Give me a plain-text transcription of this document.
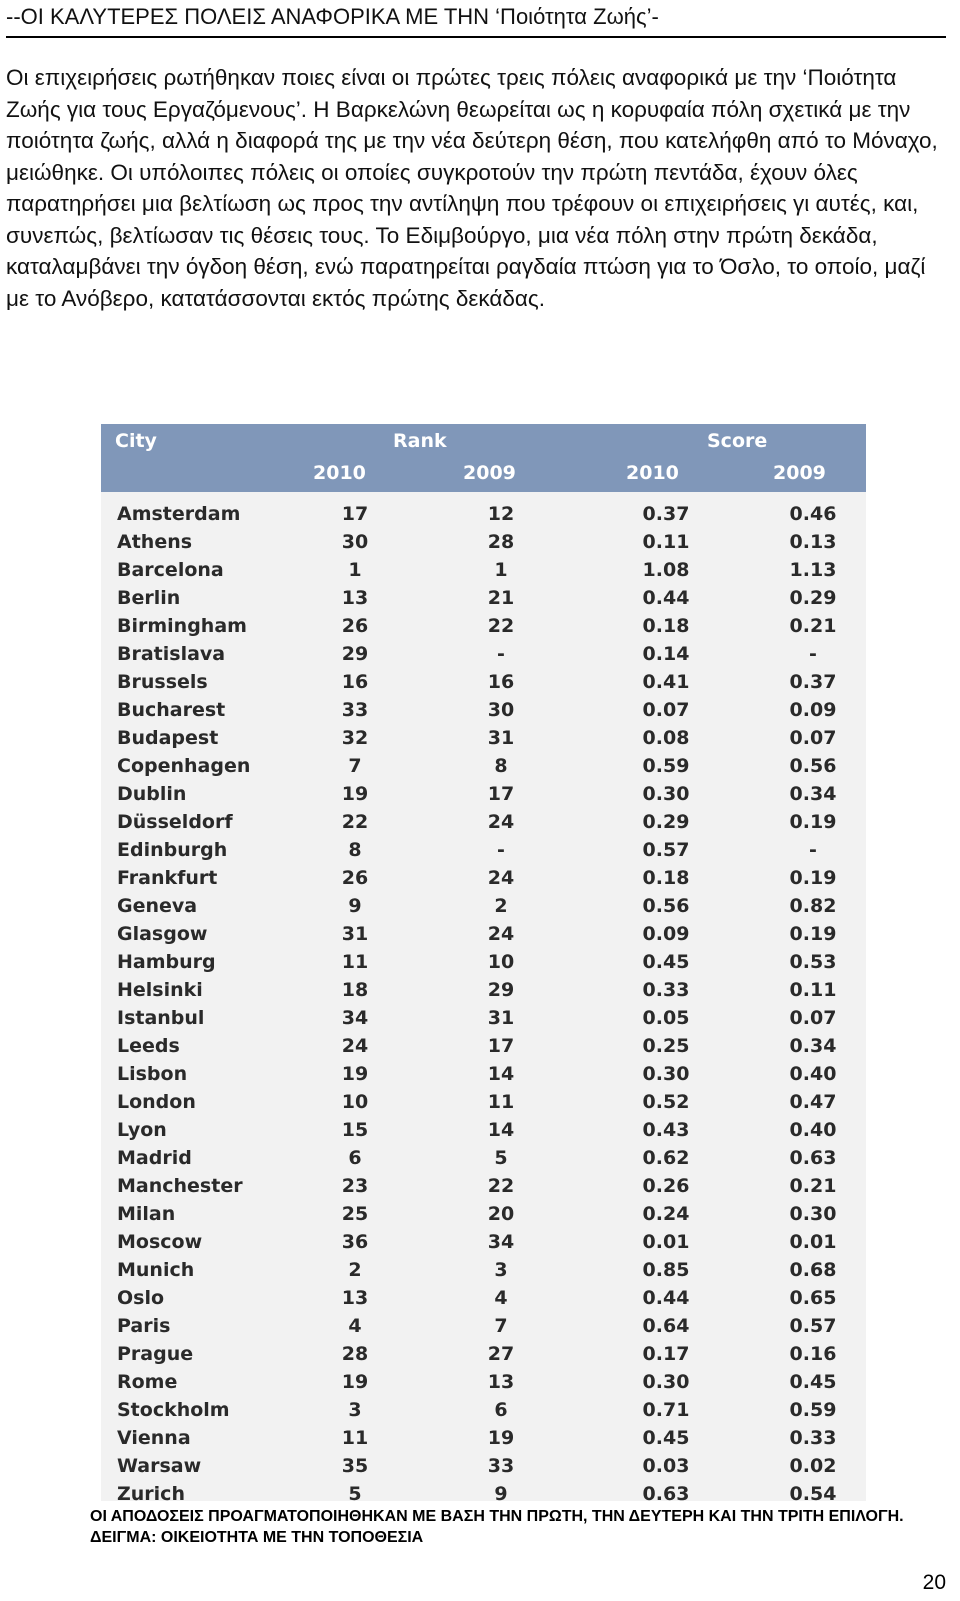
--ΟΙ ΚΑΛΥΤΕΡΕΣ ΠΟΛΕΙΣ ΑΝΑΦΟΡΙΚΑ ΜΕ ΤΗΝ ‘Ποιότητα Ζωής’-

Οι επιχειρήσεις ρωτήθηκαν ποιες είναι οι πρώτες τρεις πόλεις αναφορικά με την ‘Ποιότητα Ζωής για τους Εργαζόμενους’. Η Βαρκελώνη θεωρείται ως η κορυφαία πόλη σχετικά με την ποιότητα ζωής, αλλά η διαφορά της με την νέα δεύτερη θέση, που κατελήφθη από το Μόναχο, μειώθηκε. Οι υπόλοιπες πόλεις οι οποίες συγκροτούν την πρώτη πεντάδα, έχουν όλες παρατηρήσει μια βελτίωση ως προς την αντίληψη που τρέφουν οι επιχειρήσεις γι αυτές, και, συνεπώς, βελτίωσαν τις θέσεις τους. Το Εδιμβούργο, μια νέα πόλη στην πρώτη δεκάδα, καταλαμβάνει την όγδοη θέση, ενώ παρατηρείται ραγδαία πτώση για το Όσλο, το οποίο, μαζί με το Ανόβερο, κατατάσσονται εκτός πρώτης δεκάδας.

City	Rank	Score
2010	2009	2010	2009
Amsterdam	17	12	0.37	0.46
Athens	30	28	0.11	0.13
Barcelona	1	1	1.08	1.13
Berlin	13	21	0.44	0.29
Birmingham	26	22	0.18	0.21
Bratislava	29	-	0.14	-
Brussels	16	16	0.41	0.37
Bucharest	33	30	0.07	0.09
Budapest	32	31	0.08	0.07
Copenhagen	7	8	0.59	0.56
Dublin	19	17	0.30	0.34
Düsseldorf	22	24	0.29	0.19
Edinburgh	8	-	0.57	-
Frankfurt	26	24	0.18	0.19
Geneva	9	2	0.56	0.82
Glasgow	31	24	0.09	0.19
Hamburg	11	10	0.45	0.53
Helsinki	18	29	0.33	0.11
Istanbul	34	31	0.05	0.07
Leeds	24	17	0.25	0.34
Lisbon	19	14	0.30	0.40
London	10	11	0.52	0.47
Lyon	15	14	0.43	0.40
Madrid	6	5	0.62	0.63
Manchester	23	22	0.26	0.21
Milan	25	20	0.24	0.30
Moscow	36	34	0.01	0.01
Munich	2	3	0.85	0.68
Oslo	13	4	0.44	0.65
Paris	4	7	0.64	0.57
Prague	28	27	0.17	0.16
Rome	19	13	0.30	0.45
Stockholm	3	6	0.71	0.59
Vienna	11	19	0.45	0.33
Warsaw	35	33	0.03	0.02
Zurich	5	9	0.63	0.54
ΟΙ ΑΠΟΔΟΣΕΙΣ ΠΡΟΑΓΜΑΤΟΠΟΙΗΘΗΚΑΝ ΜΕ ΒΑΣΗ ΤΗΝ ΠΡΩΤΗ, ΤΗΝ ΔΕΥΤΕΡΗ ΚΑΙ ΤΗΝ ΤΡΙΤΗ ΕΠΙΛΟΓΗ.
ΔΕΙΓΜΑ: ΟΙΚΕΙΟΤΗΤΑ ΜΕ ΤΗΝ ΤΟΠΟΘΕΣΙΑ
20
